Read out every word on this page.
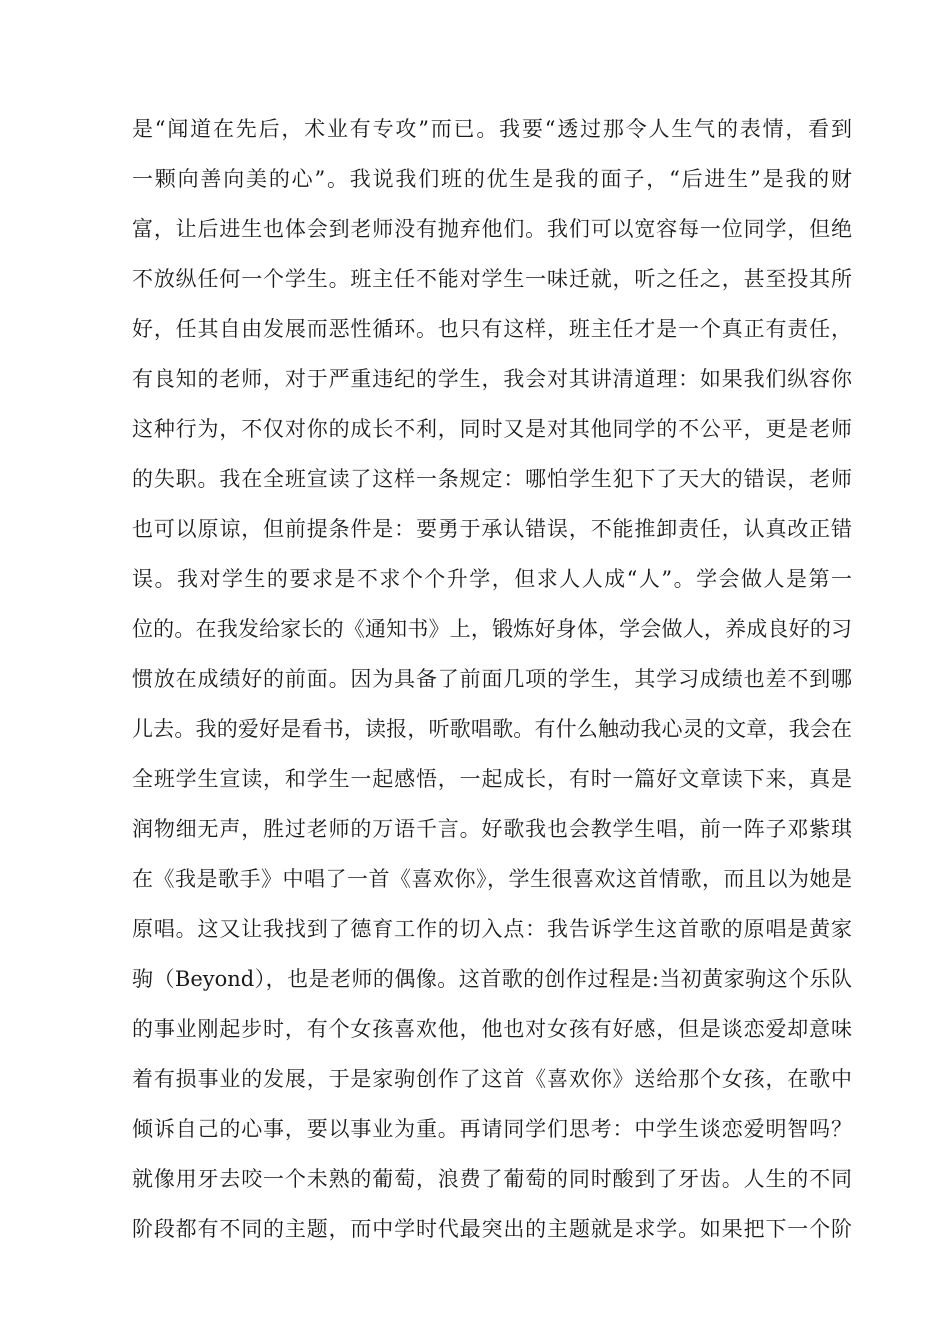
是“闻道在先后，术业有专攻”而已。我要“透过那令人生气的表情，看到
一颗向善向美的心”。我说我们班的优生是我的面子，“后进生”是我的财
富，让后进生也体会到老师没有抛弃他们。我们可以宽容每一位同学，但绝
不放纵任何一个学生。班主任不能对学生一味迁就，听之任之，甚至投其所
好，任其自由发展而恶性循环。也只有这样，班主任才是一个真正有责任，
有良知的老师，对于严重违纪的学生，我会对其讲清道理：如果我们纵容你
这种行为，不仅对你的成长不利，同时又是对其他同学的不公平，更是老师
的失职。我在全班宣读了这样一条规定：哪怕学生犯下了天大的错误，老师
也可以原谅，但前提条件是：要勇于承认错误，不能推卸责任，认真改正错
误。我对学生的要求是不求个个升学，但求人人成“人”。学会做人是第一
位的。在我发给家长的《通知书》上，锻炼好身体，学会做人，养成良好的习
惯放在成绩好的前面。因为具备了前面几项的学生，其学习成绩也差不到哪
儿去。我的爱好是看书，读报，听歌唱歌。有什么触动我心灵的文章，我会在
全班学生宣读，和学生一起感悟，一起成长，有时一篇好文章读下来，真是
润物细无声，胜过老师的万语千言。好歌我也会教学生唱，前一阵子邓紫琪
在《我是歌手》中唱了一首《喜欢你》，学生很喜欢这首情歌，而且以为她是
原唱。这又让我找到了德育工作的切入点：我告诉学生这首歌的原唱是黄家
驹（Beyond），也是老师的偶像。这首歌的创作过程是:当初黄家驹这个乐队
的事业刚起步时，有个女孩喜欢他，他也对女孩有好感，但是谈恋爱却意味
着有损事业的发展，于是家驹创作了这首《喜欢你》送给那个女孩，在歌中
倾诉自己的心事，要以事业为重。再请同学们思考：中学生谈恋爱明智吗？
就像用牙去咬一个未熟的葡萄，浪费了葡萄的同时酸到了牙齿。人生的不同
阶段都有不同的主题，而中学时代最突出的主题就是求学。如果把下一个阶
